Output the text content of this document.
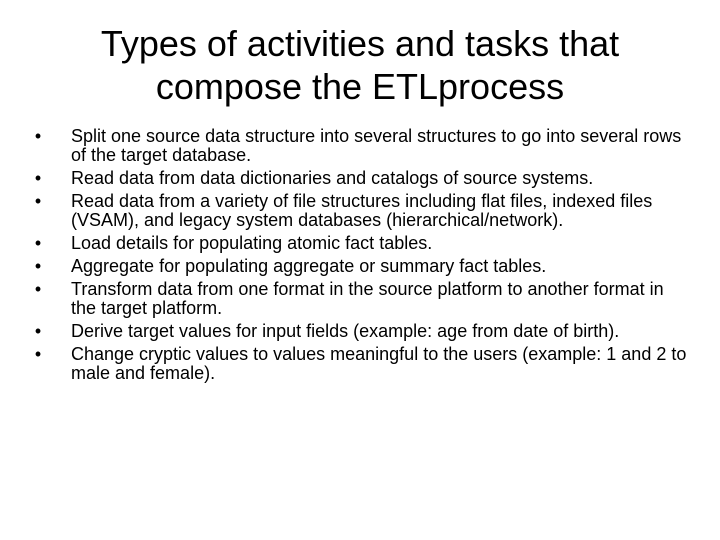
Types of activities and tasks that
compose the ETLprocess
• Split one source data structure into several structures to go into several rows of the target database.
• Read data from data dictionaries and catalogs of source systems.
• Read data from a variety of file structures including flat files, indexed files (VSAM), and legacy system databases (hierarchical/network).
• Load details for populating atomic fact tables.
• Aggregate for populating aggregate or summary fact tables.
• Transform data from one format in the source platform to another format in the target platform.
• Derive target values for input fields (example: age from date of birth).
• Change cryptic values to values meaningful to the users (example: 1 and 2 to male and female).
